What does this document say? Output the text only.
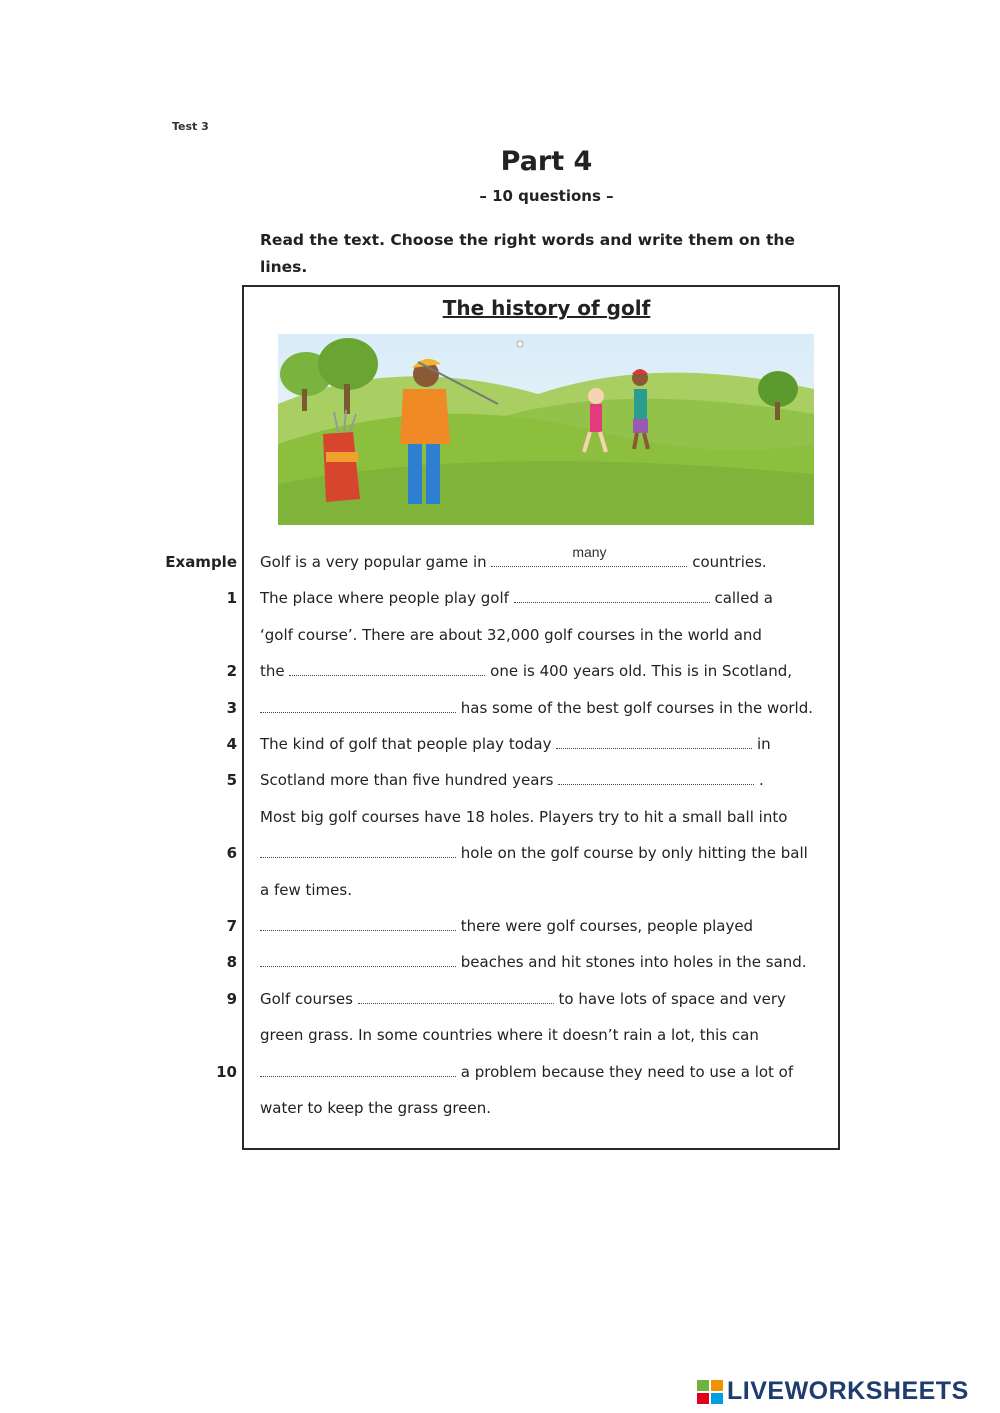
Test 3
Part 4
– 10 questions –
Read the text. Choose the right words and write them on the lines.
The history of golf
Example Golf is a very popular game in
many
countries.
1 The place where people play golf	called a
‘golf course’. There are about 32,000 golf courses in the world and
2 the	one is 400 years old. This is in Scotland,
3	has some of the best golf courses in the world.
4 The kind of golf that people play today	in
5 Scotland more than five hundred years	.
Most big golf courses have 18 holes. Players try to hit a small ball into
6	hole on the golf course by only hitting the ball
a few times.
7	there were golf courses, people played
8	beaches and hit stones into holes in the sand.
9 Golf courses	to have lots of space and very
green grass. In some countries where it doesn’t rain a lot, this can
10	a problem because they need to use a lot of
water to keep the grass green.
LIVEWORKSHEETS
